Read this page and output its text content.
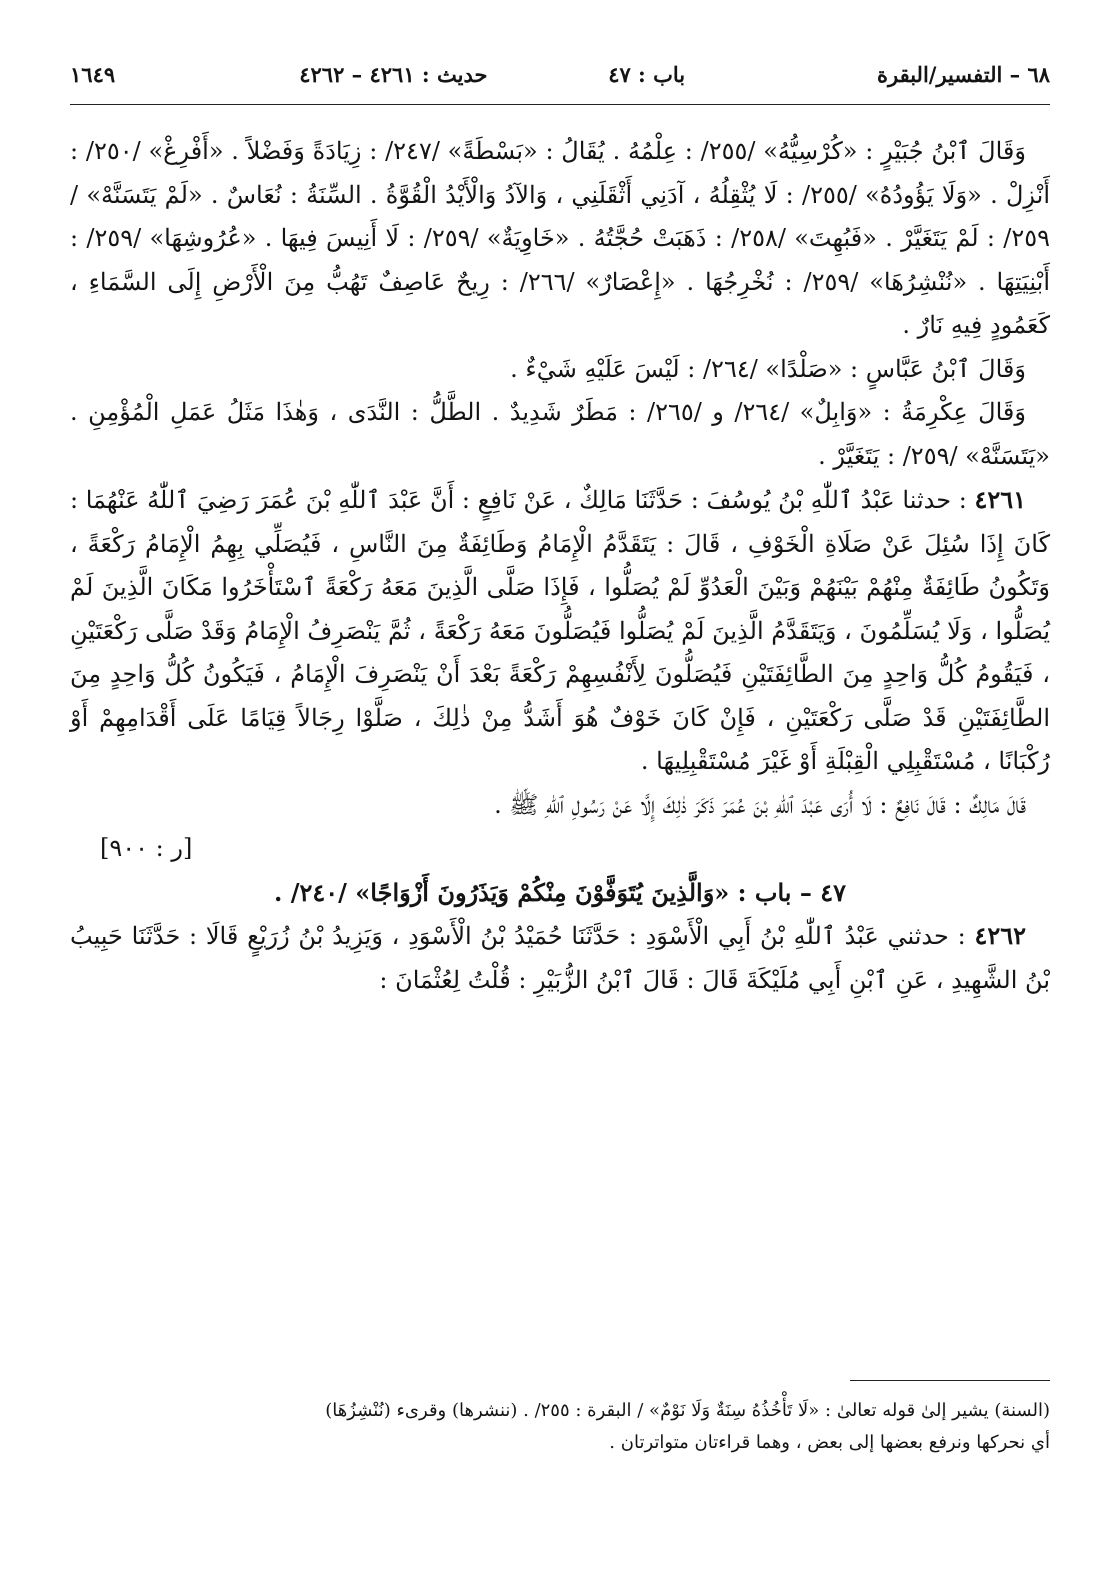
٦٨ – التفسير/البقرة
باب : ٤٧
حديث : ٤٢٦١ – ٤٢٦٢
١٦٤٩

وَقَالَ ٱبْنُ جُبَيْرٍ : «كُرْسِيُّهُ» /٢٥٥/ : عِلْمُهُ . يُقَالُ : «بَسْطَةً» /٢٤٧/ : زِيَادَةً وَفَضْلاً . «أَفْرِغْ» /٢٥٠/ : أَنْزِلْ . «وَلَا يَؤُودُهُ» /٢٥٥/ : لَا يُثْقِلُهُ ، آدَنِي أَثْقَلَنِي ، وَالآدُ وَالْأَيْدُ الْقُوَّةُ . السِّنَةُ : نُعَاسٌ . «لَمْ يَتَسَنَّهْ» /٢٥٩/ : لَمْ يَتَغَيَّرْ . «فَبُهِتَ» /٢٥٨/ : ذَهَبَتْ حُجَّتُهُ . «خَاوِيَةٌ» /٢٥٩/ : لَا أَنِيسَ فِيهَا . «عُرُوشِهَا» /٢٥٩/ : أَبْنِيَتِهَا . «نُنْشِرُهَا» /٢٥٩/ : نُخْرِجُهَا . «إِعْصَارٌ» /٢٦٦/ : رِيحٌ عَاصِفٌ تَهُبُّ مِنَ الْأَرْضِ إِلَى السَّمَاءِ ، كَعَمُودٍ فِيهِ نَارٌ .

وَقَالَ ٱبْنُ عَبَّاسٍ : «صَلْدًا» /٢٦٤/ : لَيْسَ عَلَيْهِ شَيْءٌ .

وَقَالَ عِكْرِمَةُ : «وَابِلٌ» /٢٦٤/ و /٢٦٥/ : مَطَرٌ شَدِيدٌ . الطَّلُّ : النَّدَى ، وَهٰذَا مَثَلُ عَمَلِ الْمُؤْمِنِ . «يَتَسَنَّهْ» /٢٥٩/ : يَتَغَيَّرْ .

٤٢٦١ : حدثنا عَبْدُ ٱللّٰهِ بْنُ يُوسُفَ : حَدَّثَنَا مَالِكٌ ، عَنْ نَافِعٍ : أَنَّ عَبْدَ ٱللّٰهِ بْنَ عُمَرَ رَضِيَ ٱللّٰهُ عَنْهُمَا : كَانَ إِذَا سُئِلَ عَنْ صَلَاةِ الْخَوْفِ ، قَالَ : يَتَقَدَّمُ الْإِمَامُ وَطَائِفَةٌ مِنَ النَّاسِ ، فَيُصَلِّي بِهِمُ الْإِمَامُ رَكْعَةً ، وَتَكُونُ طَائِفَةٌ مِنْهُمْ بَيْنَهُمْ وَبَيْنَ الْعَدُوِّ لَمْ يُصَلُّوا ، فَإِذَا صَلَّى الَّذِينَ مَعَهُ رَكْعَةً ٱسْتَأْخَرُوا مَكَانَ الَّذِينَ لَمْ يُصَلُّوا ، وَلَا يُسَلِّمُونَ ، وَيَتَقَدَّمُ الَّذِينَ لَمْ يُصَلُّوا فَيُصَلُّونَ مَعَهُ رَكْعَةً ، ثُمَّ يَنْصَرِفُ الْإِمَامُ وَقَدْ صَلَّى رَكْعَتَيْنِ ، فَيَقُومُ كُلُّ وَاحِدٍ مِنَ الطَّائِفَتَيْنِ فَيُصَلُّونَ لِأَنْفُسِهِمْ رَكْعَةً بَعْدَ أَنْ يَنْصَرِفَ الْإِمَامُ ، فَيَكُونُ كُلُّ وَاحِدٍ مِنَ الطَّائِفَتَيْنِ قَدْ صَلَّى رَكْعَتَيْنِ ، فَإِنْ كَانَ خَوْفٌ هُوَ أَشَدُّ مِنْ ذٰلِكَ ، صَلَّوْا رِجَالاً قِيَامًا عَلَى أَقْدَامِهِمْ أَوْ رُكْبَانًا ، مُسْتَقْبِلِي الْقِبْلَةِ أَوْ غَيْرَ مُسْتَقْبِلِيهَا .

قَالَ مَالِكٌ : قَالَ نَافِعٌ : لَا أُرَى عَبْدَ ٱللّٰهِ بْنَ عُمَرَ ذَكَرَ ذٰلِكَ إِلَّا عَنْ رَسُولِ ٱللّٰهِ ﷺ .

[ر : ٩٠٠]

٤٧ – باب : «وَالَّذِينَ يُتَوَفَّوْنَ مِنْكُمْ وَيَذَرُونَ أَزْوَاجًا» /٢٤٠/ .

٤٢٦٢ : حدثني عَبْدُ ٱللّٰهِ بْنُ أَبِي الْأَسْوَدِ : حَدَّثَنَا حُمَيْدُ بْنُ الْأَسْوَدِ ، وَيَزِيدُ بْنُ زُرَيْعٍ قَالَا : حَدَّثَنَا حَبِيبُ بْنُ الشَّهِيدِ ، عَنِ ٱبْنِ أَبِي مُلَيْكَةَ قَالَ : قَالَ ٱبْنُ الزُّبَيْرِ : قُلْتُ لِعُثْمَانَ :

(السنة) يشير إلىٰ قوله تعالىٰ : «لَا تَأْخُذُهُ سِنَةٌ وَلَا نَوْمٌ» / البقرة : ٢٥٥/ . (ننشرها) وقرىء (نُنْشِزُهَا)

أي نحركها ونرفع بعضها إلى بعض ، وهما قراءتان متواترتان .
